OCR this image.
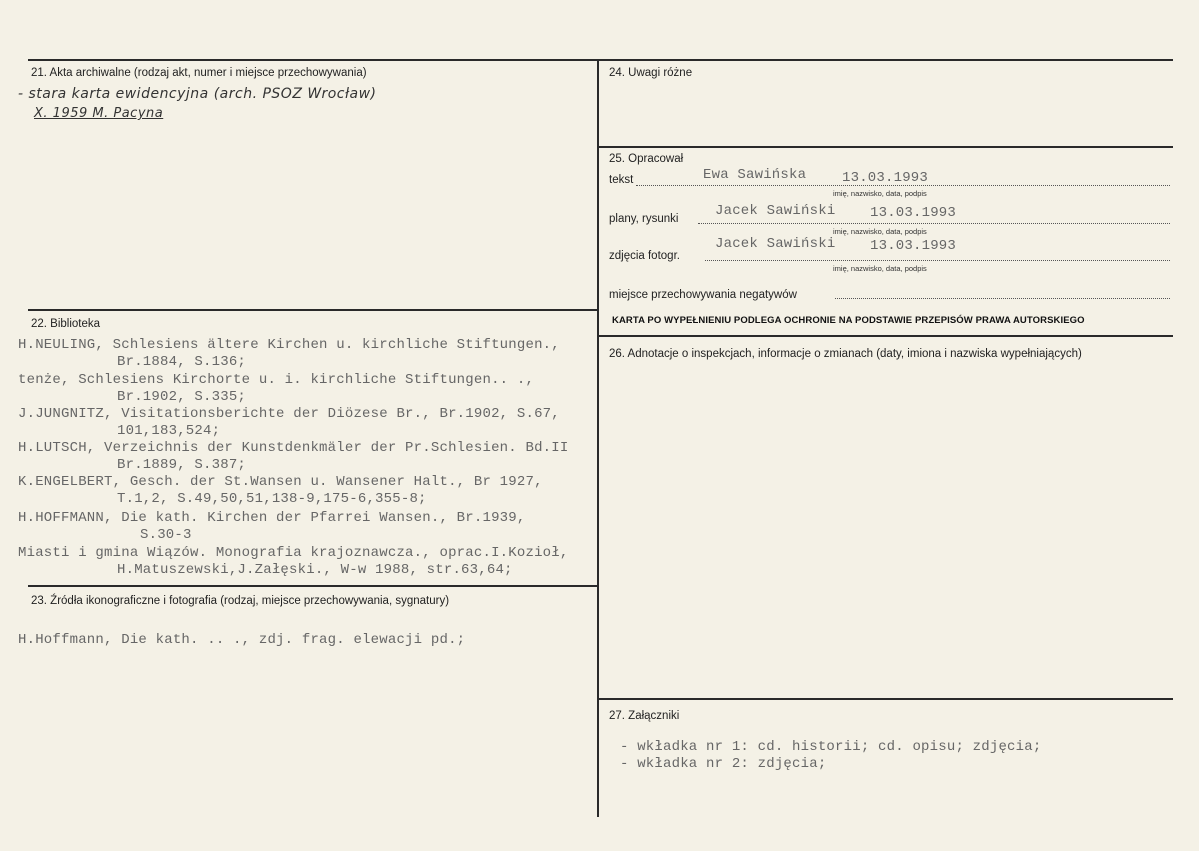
21. Akta archiwalne (rodzaj akt, numer i miejsce przechowywania)
- stara karta ewidencyjna (arch. PSOZ Wrocław)
X. 1959 M. Pacyna
22. Biblioteka
H.NEULING, Schlesiens ältere Kirchen u. kirchliche Stiftungen.,
Br.1884, S.136;
tenże, Schlesiens Kirchorte u. i. kirchliche Stiftungen.. .,
Br.1902, S.335;
J.JUNGNITZ, Visitationsberichte der Diözese Br., Br.1902, S.67,
101,183,524;
H.LUTSCH, Verzeichnis der Kunstdenkmäler der Pr.Schlesien. Bd.II
Br.1889, S.387;
K.ENGELBERT, Gesch. der St.Wansen u. Wansener Halt., Br 1927,
T.1,2, S.49,50,51,138-9,175-6,355-8;
H.HOFFMANN, Die kath. Kirchen der Pfarrei Wansen., Br.1939,
S.30-3
Miasti i gmina Wiązów. Monografia krajoznawcza., oprac.I.Kozioł,
H.Matuszewski,J.Załęski., W-w 1988, str.63,64;
23. Źródła ikonograficzne i fotografia (rodzaj, miejsce przechowywania, sygnatury)
H.Hoffmann, Die kath. .. ., zdj. frag. elewacji pd.;
24. Uwagi różne
25. Opracował
tekst	Ewa Sawińska	13.03.1993
imię, nazwisko, data, podpis
plany, rysunki	Jacek Sawiński 13.03.1993
imię, nazwisko, data, podpis
zdjęcia fotogr.
Jacek Sawiński 13.03.1993
imię, nazwisko, data, podpis
miejsce przechowywania negatywów
KARTA PO WYPEŁNIENIU PODLEGA OCHRONIE NA PODSTAWIE PRZEPISÓW PRAWA AUTORSKIEGO
26. Adnotacje o inspekcjach, informacje o zmianach (daty, imiona i nazwiska wypełniających)
27. Załączniki
- wkładka nr 1: cd. historii; cd. opisu; zdjęcia;
- wkładka nr 2: zdjęcia;
